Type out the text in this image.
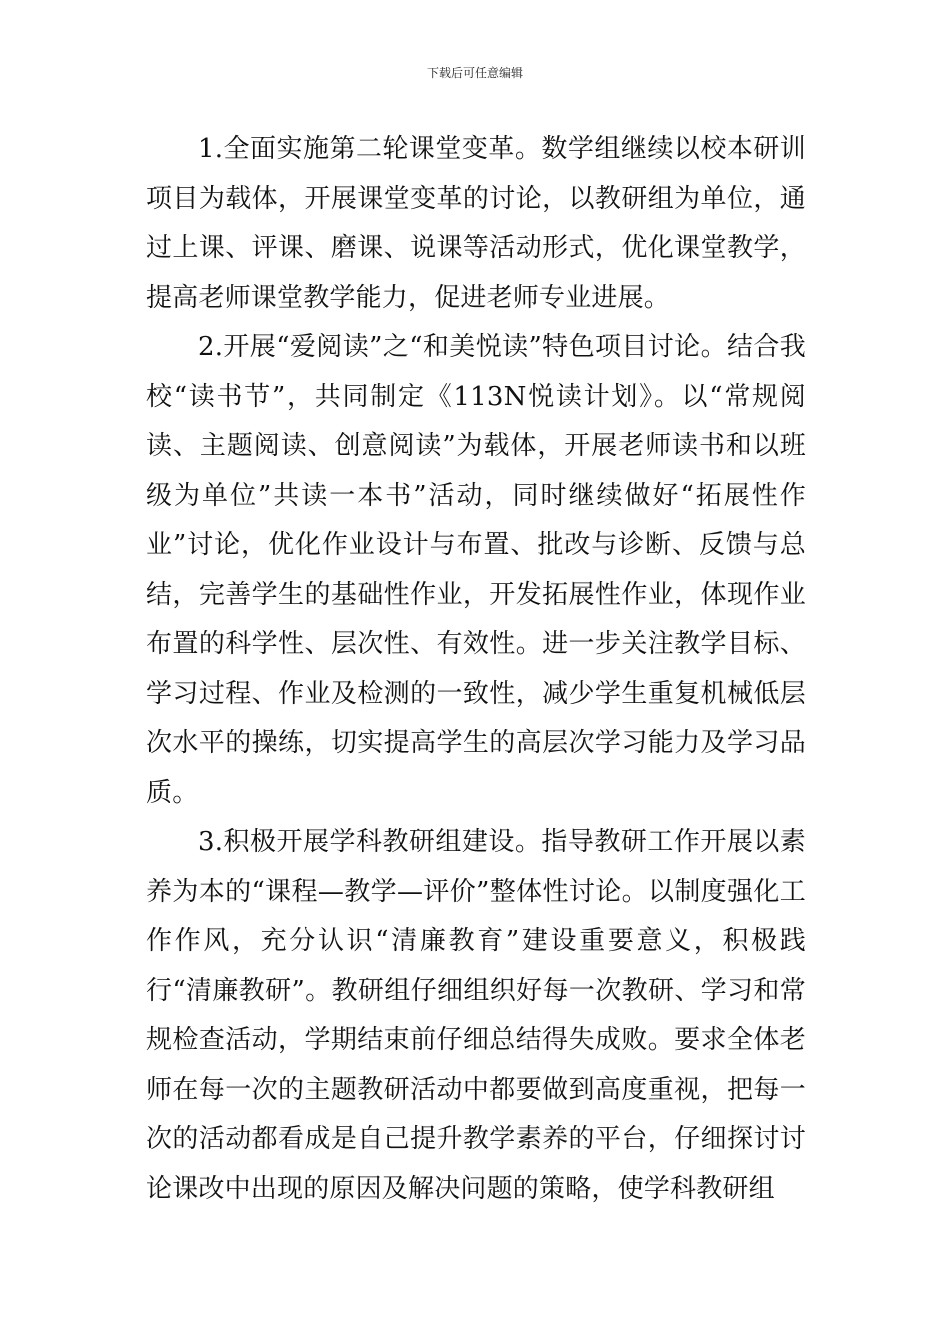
下载后可任意编辑

1.全面实施第二轮课堂变革。数学组继续以校本研训项目为载体，开展课堂变革的讨论，以教研组为单位，通过上课、评课、磨课、说课等活动形式，优化课堂教学，提高老师课堂教学能力，促进老师专业进展。

2.开展“爱阅读”之“和美悦读”特色项目讨论。结合我校“读书节”，共同制定《113N悦读计划》。以“常规阅读、主题阅读、创意阅读”为载体，开展老师读书和以班级为单位”共读一本书”活动，同时继续做好“拓展性作业”讨论，优化作业设计与布置、批改与诊断、反馈与总结，完善学生的基础性作业，开发拓展性作业，体现作业布置的科学性、层次性、有效性。进一步关注教学目标、学习过程、作业及检测的一致性，减少学生重复机械低层次水平的操练，切实提高学生的高层次学习能力及学习品质。

3.积极开展学科教研组建设。指导教研工作开展以素养为本的“课程—教学—评价”整体性讨论。以制度强化工作作风，充分认识“清廉教育”建设重要意义，积极践行“清廉教研”。教研组仔细组织好每一次教研、学习和常规检查活动，学期结束前仔细总结得失成败。要求全体老师在每一次的主题教研活动中都要做到高度重视，把每一次的活动都看成是自己提升教学素养的平台，仔细探讨讨论课改中出现的原因及解决问题的策略，使学科教研组
